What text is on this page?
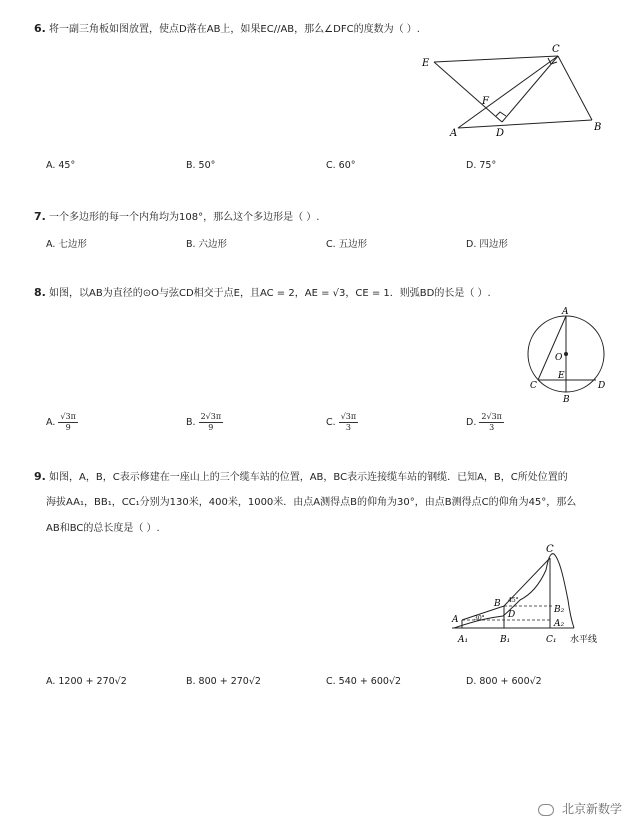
6. 将一副三角板如图放置，使点D落在AB上，如果EC//AB，那么∠DFC的度数为（ ）.
E
C
F
A	D
B
A. 45°	B. 50°	C. 60°	D. 75°
7. 一个多边形的每一个内角均为108°，那么这个多边形是（ ）.
A. 七边形	B. 六边形	C. 五边形	D. 四边形
8. 如图，以AB为直径的⊙O与弦CD相交于点E，且AC = 2，AE = √3，CE = 1．则弧BD的长是（ ）.
A
O
C
E
D
B
A. $\frac{√3\pi}{9}$	B. $\frac{2√3\pi}{9}$	C. $\frac{√3\pi}{3}$	D. $\frac{2√3\pi}{3}$
9. 如图，A，B，C表示修建在一座山上的三个缆车站的位置，AB，BC表示连接缆车站的钢缆．已知A，B，C所处位置的
海拔AA₁，BB₁，CC₁分别为130米，400米，1000米．由点A测得点B的仰角为30°，由点B测得点C的仰角为45°，那么
AB和BC的总长度是（ ）.
C
B
D
A
B₂
A₂
45°
30°
A₁	B₁	C₁ 水平线
A. 1200 + 270√2	B. 800 + 270√2	C. 540 + 600√2	D. 800 + 600√2
北京新数学
